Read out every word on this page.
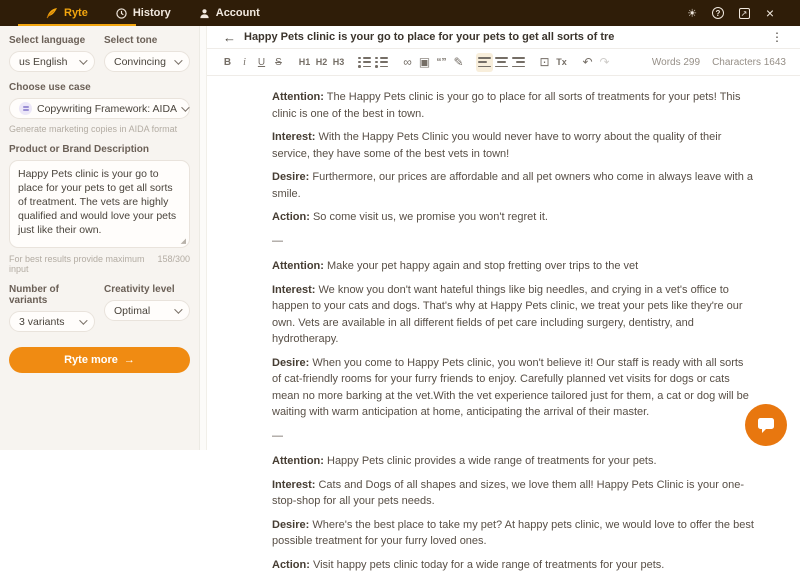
Ryte	History	Account	☀	?	↗ ×
Select language
us English
Select tone
Convincing
Choose use case
Copywriting Framework: AIDA
Generate marketing copies in AIDA format
Product or Brand Description
Happy Pets clinic is your go to place for your pets to get all sorts of treatment. The vets are highly qualified and would love your pets just like their own.
◢
For best results provide maximum input
158/300
Number of variants
3 variants
Creativity level
Optimal
Ryte more →
← Happy Pets clinic is your go to place for your pets to get all sorts of tre	⋮
B i U S H1 H2 H3	∞ ▣ “” ✎	⊡ Tx ↶ ↷	Words 299 Characters 1643

Attention: The Happy Pets clinic is your go to place for all sorts of treatments for your pets! This clinic is one of the best in town.

Interest: With the Happy Pets Clinic you would never have to worry about the quality of their service, they have some of the best vets in town!

Desire: Furthermore, our prices are affordable and all pet owners who come in always leave with a smile.

Action: So come visit us, we promise you won't regret it.

—

Attention: Make your pet happy again and stop fretting over trips to the vet

Interest: We know you don't want hateful things like big needles, and crying in a vet's office to happen to your cats and dogs. That's why at Happy Pets clinic, we treat your pets like they're our own. Vets are available in all different fields of pet care including surgery, dentistry, and hydrotherapy.

Desire: When you come to Happy Pets clinic, you won't believe it! Our staff is ready with all sorts of cat-friendly rooms for your furry friends to enjoy. Carefully planned vet visits for dogs or cats mean no more barking at the vet.With the vet experience tailored just for them, a cat or dog will be waiting with warm anticipation at home, anticipating the arrival of their master.

—

Attention: Happy Pets clinic provides a wide range of treatments for your pets.

Interest: Cats and Dogs of all shapes and sizes, we love them all! Happy Pets Clinic is your one-stop-shop for all your pets needs.

Desire: Where's the best place to take my pet? At happy pets clinic, we would love to offer the best possible treatment for your furry loved ones.

Action: Visit happy pets clinic today for a wide range of treatments for your pets.
